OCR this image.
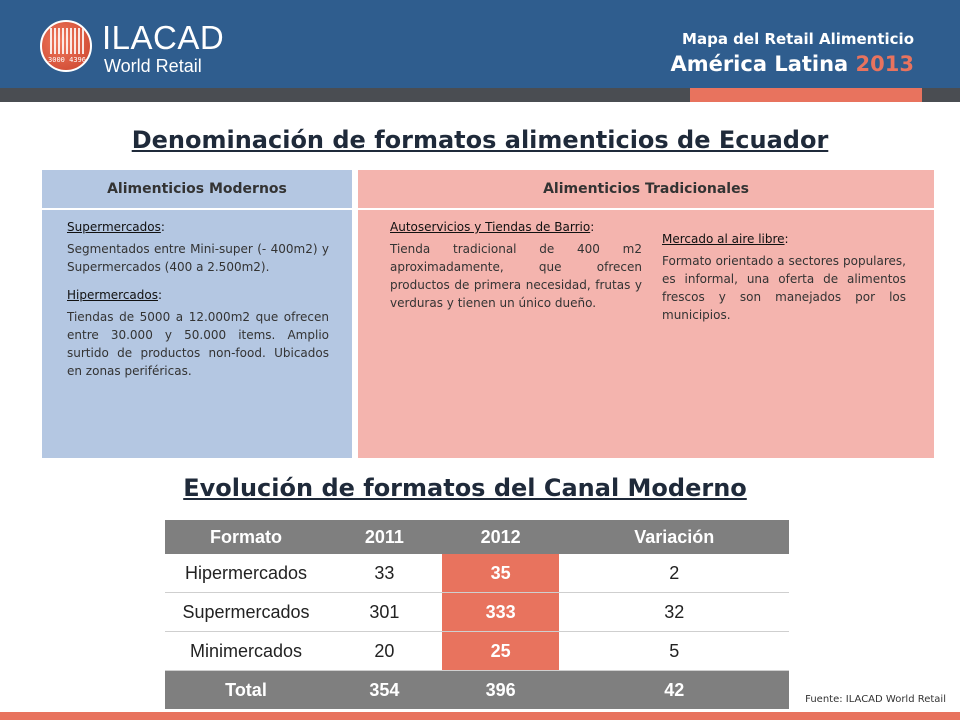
3000 4396
ILACAD
World Retail
Mapa del Retail Alimenticio
América Latina 2013
Denominación de formatos alimenticios de Ecuador
Alimenticios Modernos
Supermercados:
Segmentados entre Mini-super (- 400m2) y Supermercados (400 a 2.500m2).
Hipermercados:
Tiendas de 5000 a 12.000m2 que ofrecen entre 30.000 y 50.000 items. Amplio surtido de productos non-food. Ubicados en zonas periféricas.
Alimenticios Tradicionales
Autoservicios y Tiendas de Barrio:
Tienda tradicional de 400 m2 aproximadamente, que ofrecen productos de primera necesidad, frutas y verduras y tienen un único dueño.
Mercado al aire libre:
Formato orientado a sectores populares, es informal, una oferta de alimentos frescos y son manejados por los municipios.
Evolución de formatos del Canal Moderno
Formato	2011	2012	Variación
Hipermercados	33	35	2
Supermercados	301	333	32
Minimercados	20	25	5
Total	354	396	42	Fuente: ILACAD World Retail
